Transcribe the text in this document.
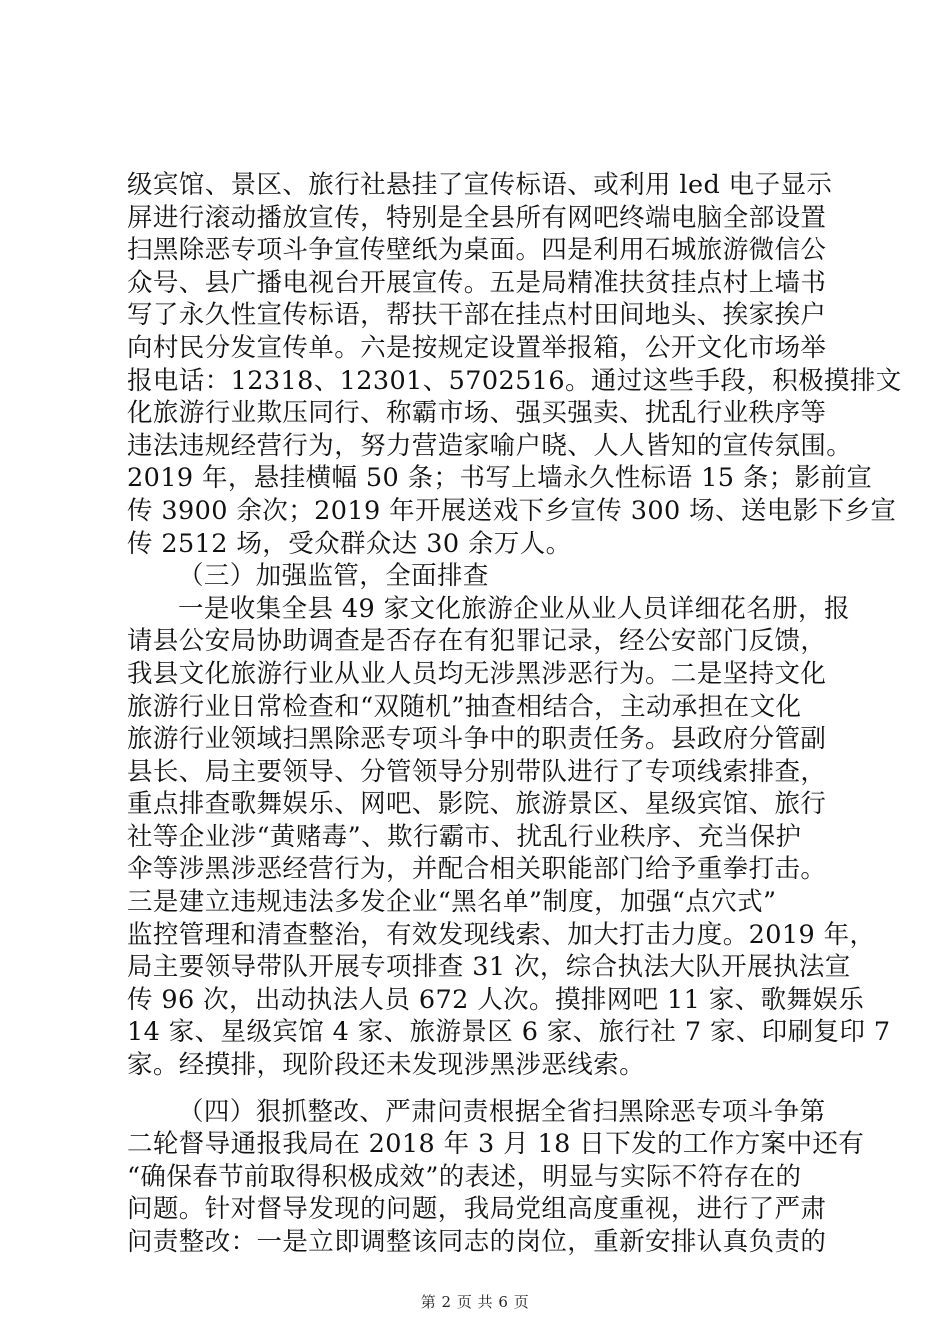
级宾馆、景区、旅行社悬挂了宣传标语、或利用 led 电子显示
屏进行滚动播放宣传，特别是全县所有网吧终端电脑全部设置
扫黑除恶专项斗争宣传壁纸为桌面。四是利用石城旅游微信公
众号、县广播电视台开展宣传。五是局精准扶贫挂点村上墙书
写了永久性宣传标语，帮扶干部在挂点村田间地头、挨家挨户
向村民分发宣传单。六是按规定设置举报箱，公开文化市场举
报电话：12318、12301、5702516。通过这些手段，积极摸排文
化旅游行业欺压同行、称霸市场、强买强卖、扰乱行业秩序等
违法违规经营行为，努力营造家喻户晓、人人皆知的宣传氛围。
2019 年，悬挂横幅 50 条；书写上墙永久性标语 15 条；影前宣
传 3900 余次；2019 年开展送戏下乡宣传 300 场、送电影下乡宣
传 2512 场，受众群众达 30 余万人。
（三）加强监管，全面排查
一是收集全县 49 家文化旅游企业从业人员详细花名册，报
请县公安局协助调查是否存在有犯罪记录，经公安部门反馈，
我县文化旅游行业从业人员均无涉黑涉恶行为。二是坚持文化
旅游行业日常检查和“双随机”抽查相结合，主动承担在文化
旅游行业领域扫黑除恶专项斗争中的职责任务。县政府分管副
县长、局主要领导、分管领导分别带队进行了专项线索排查，
重点排查歌舞娱乐、网吧、影院、旅游景区、星级宾馆、旅行
社等企业涉“黄赌毒”、欺行霸市、扰乱行业秩序、充当保护
伞等涉黑涉恶经营行为，并配合相关职能部门给予重拳打击。
三是建立违规违法多发企业“黑名单”制度，加强“点穴式”
监控管理和清查整治，有效发现线索、加大打击力度。2019 年，
局主要领导带队开展专项排查 31 次，综合执法大队开展执法宣
传 96 次，出动执法人员 672 人次。摸排网吧 11 家、歌舞娱乐
14 家、星级宾馆 4 家、旅游景区 6 家、旅行社 7 家、印刷复印 7
家。经摸排，现阶段还未发现涉黑涉恶线索。
（四）狠抓整改、严肃问责根据全省扫黑除恶专项斗争第
二轮督导通报我局在 2018 年 3 月 18 日下发的工作方案中还有
“确保春节前取得积极成效”的表述，明显与实际不符存在的
问题。针对督导发现的问题，我局党组高度重视，进行了严肃
问责整改：一是立即调整该同志的岗位，重新安排认真负责的
第 2 页 共 6 页
